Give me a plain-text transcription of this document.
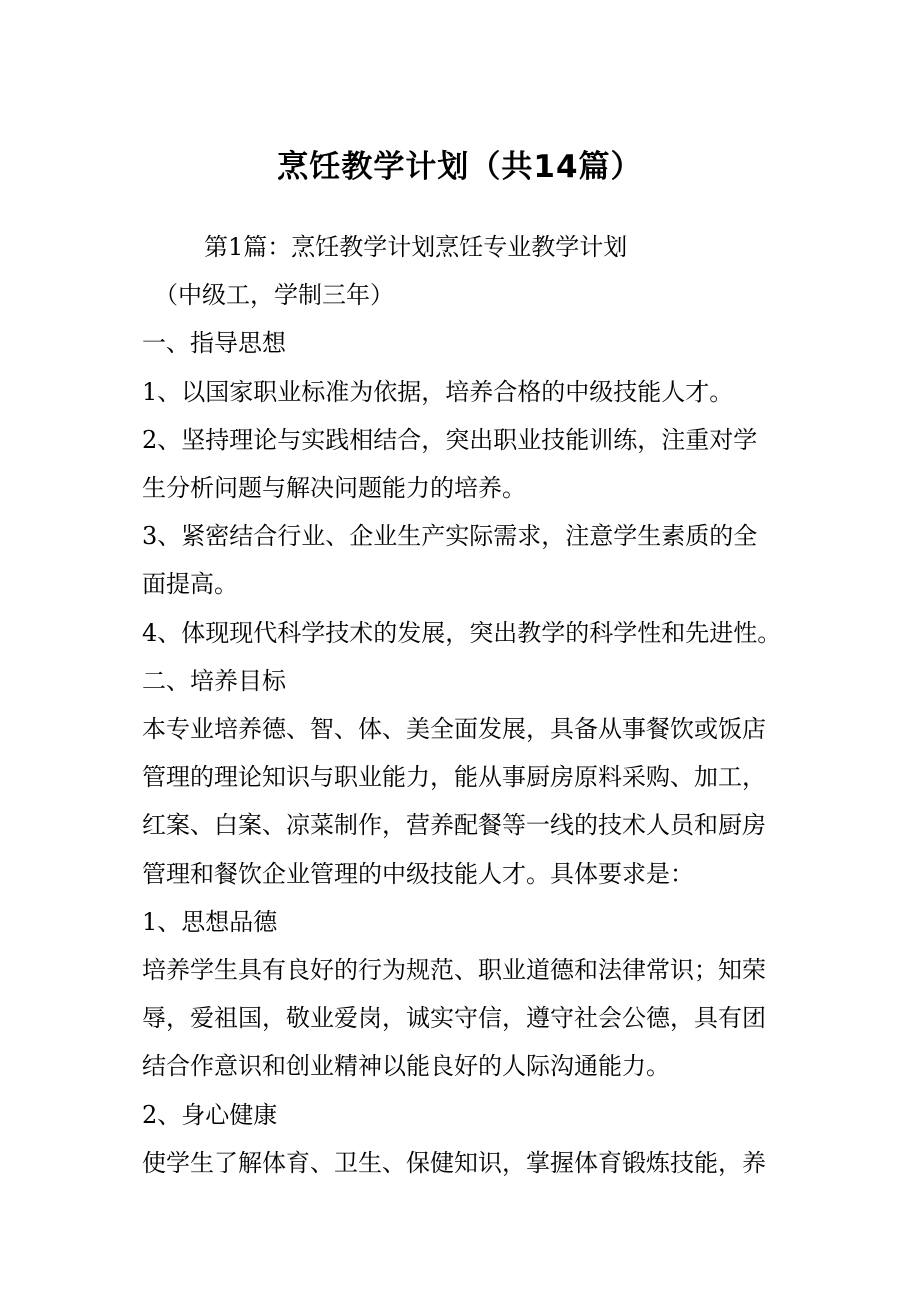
烹饪教学计划（共14篇）

第1篇：烹饪教学计划烹饪专业教学计划

（中级工，学制三年）

一、指导思想

1、以国家职业标准为依据，培养合格的中级技能人才。

2、坚持理论与实践相结合，突出职业技能训练，注重对学

生分析问题与解决问题能力的培养。

3、紧密结合行业、企业生产实际需求，注意学生素质的全

面提高。

4、体现现代科学技术的发展，突出教学的科学性和先进性。

二、培养目标

本专业培养德、智、体、美全面发展，具备从事餐饮或饭店

管理的理论知识与职业能力，能从事厨房原料采购、加工，

红案、白案、凉菜制作，营养配餐等一线的技术人员和厨房

管理和餐饮企业管理的中级技能人才。具体要求是：

1、思想品德

培养学生具有良好的行为规范、职业道德和法律常识；知荣

辱，爱祖国，敬业爱岗，诚实守信，遵守社会公德，具有团

结合作意识和创业精神以能良好的人际沟通能力。

2、身心健康

使学生了解体育、卫生、保健知识，掌握体育锻炼技能，养
